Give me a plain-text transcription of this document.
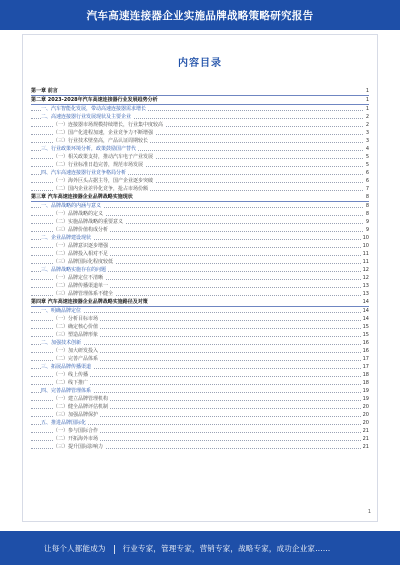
汽车高速连接器企业实施品牌战略策略研究报告
内容目录
第一章 前言	1
第二章 2023-2028年汽车高速连接器行业发展趋势分析	1
一、汽车智能化发展，带动高速连接器需求增长	1
二、高速连接器行业发展现状及主要企业	2
（一）连接器市场规模持续增长，行业集中度较高	2
（二）国产化进程加速，企业竞争力不断增强	3
（三）行业技术壁垒高，产品认证周期较长	3
三、行业政策环境分析，政策鼓励国产替代	4
（一）相关政策支持，推动汽车电子产业发展	5
（二）行业标准日趋完善，规范市场发展	5
四、汽车高速连接器行业竞争格局分析	6
（一）海外巨头占据主导，国产企业逐步突破	6
（二）国内企业差异化竞争，抢占市场份额	7
第三章 汽车高速连接器企业品牌战略实施现状	8
一、品牌战略的内涵与意义	8
（一）品牌战略的定义	8
（二）实施品牌战略的重要意义	9
（三）品牌价值构成分析	9
二、企业品牌建设现状	10
（一）品牌意识逐步增强	10
（二）品牌投入相对不足	11
（三）品牌国际化程度较低	11
三、品牌战略实施存在的问题	12
（一）品牌定位不清晰	12
（二）品牌传播渠道单一	13
（三）品牌管理体系不健全	13
第四章 汽车高速连接器企业品牌战略实施路径及对策	14
一、明确品牌定位	14
（一）分析目标市场	14
（二）确定核心价值	15
（三）塑造品牌形象	15
二、加强技术创新	16
（一）加大研发投入	16
（二）完善产品体系	17
三、拓展品牌传播渠道	17
（一）线上传播	18
（二）线下推广	18
四、完善品牌管理体系	19
（一）建立品牌管理机构	19
（二）健全品牌评估机制	20
（三）加强品牌保护	20
五、推进品牌国际化	20
（一）参与国际合作	21
（二）开拓海外市场	21
（三）提升国际影响力	21
1
让每个人都能成为 行业专家，管理专家，营销专家，战略专家，成功企业家……
